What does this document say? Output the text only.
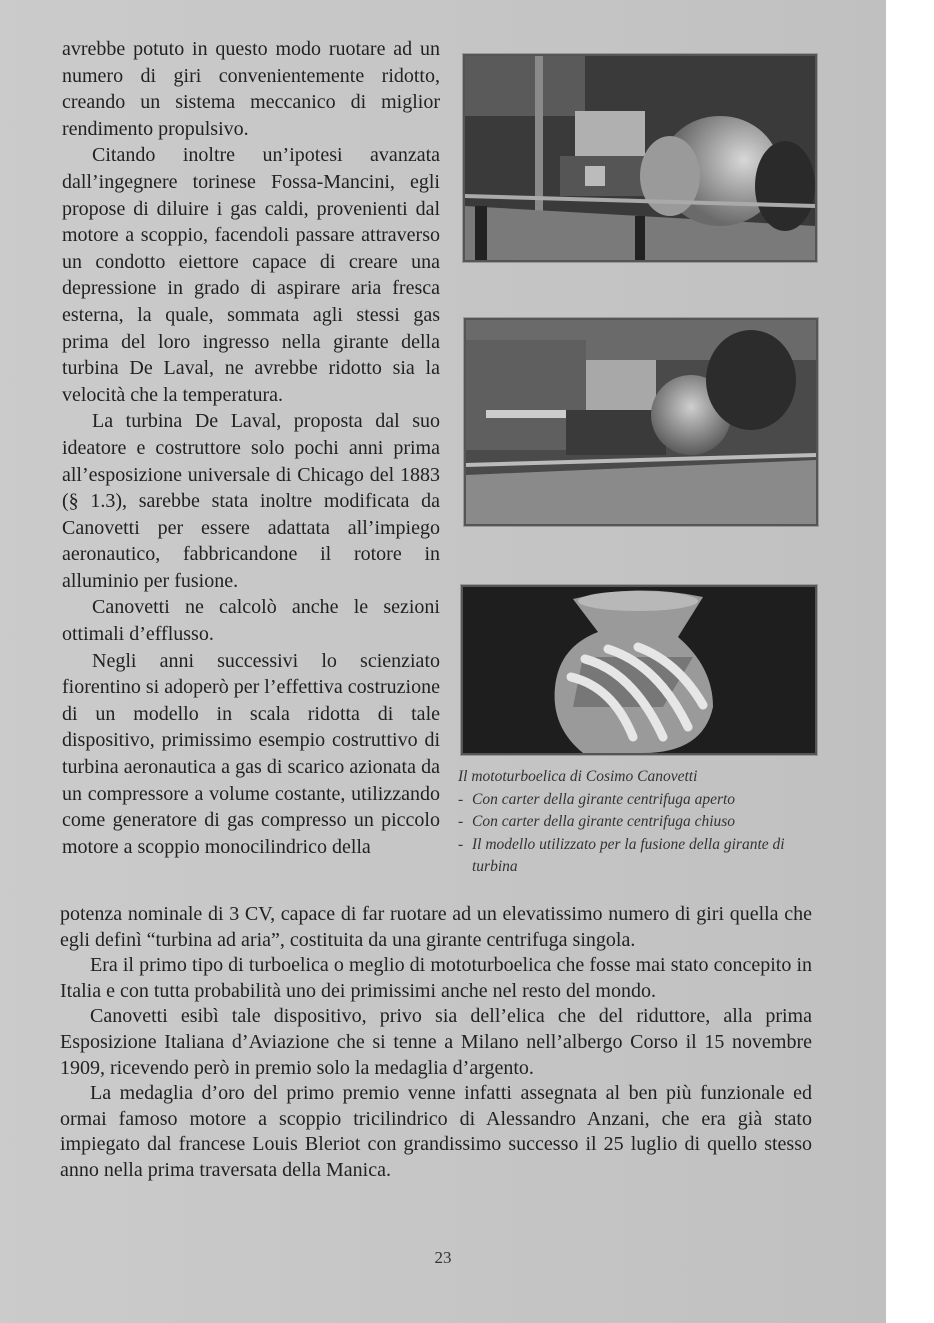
avrebbe potuto in questo modo ruotare ad un numero di giri convenientemente ridotto, creando un sistema meccanico di miglior rendimento propulsivo.

Citando inoltre un’ipotesi avanzata dall’ingegnere torinese Fossa-Mancini, egli propose di diluire i gas caldi, provenienti dal motore a scoppio, facendoli passare attraverso un condotto eiettore capace di creare una depressione in grado di aspirare aria fresca esterna, la quale, sommata agli stessi gas prima del loro ingresso nella girante della turbina De Laval, ne avrebbe ridotto sia la velocità che la temperatura.

La turbina De Laval, proposta dal suo ideatore e costruttore solo pochi anni prima all’esposizione universale di Chicago del 1883 (§ 1.3), sarebbe stata inoltre modificata da Canovetti per essere adattata all’impiego aeronautico, fabbricandone il rotore in alluminio per fusione.

Canovetti ne calcolò anche le sezioni ottimali d’efflusso.

Negli anni successivi lo scienziato fiorentino si adoperò per l’effettiva costruzione di un modello in scala ridotta di tale dispositivo, primissimo esempio costruttivo di turbina aeronautica a gas di scarico azionata da un compressore a volume costante, utilizzando come generatore di gas compresso un piccolo motore a scoppio monocilindrico della

Il mototurboelica di Cosimo Canovetti
- Con carter della girante centrifuga aperto
- Con carter della girante centrifuga chiuso
- Il modello utilizzato per la fusione della girante di turbina

potenza nominale di 3 CV, capace di far ruotare ad un elevatissimo numero di giri quella che egli definì “turbina ad aria”, costituita da una girante centrifuga singola.

Era il primo tipo di turboelica o meglio di mototurboelica che fosse mai stato concepito in Italia e con tutta probabilità uno dei primissimi anche nel resto del mondo.

Canovetti esibì tale dispositivo, privo sia dell’elica che del riduttore, alla prima Esposizione Italiana d’Aviazione che si tenne a Milano nell’albergo Corso il 15 novembre 1909, ricevendo però in premio solo la medaglia d’argento.

La medaglia d’oro del primo premio venne infatti assegnata al ben più funzionale ed ormai famoso motore a scoppio tricilindrico di Alessandro Anzani, che era già stato impiegato dal francese Louis Bleriot con grandissimo successo il 25 luglio di quello stesso anno nella prima traversata della Manica.

23
